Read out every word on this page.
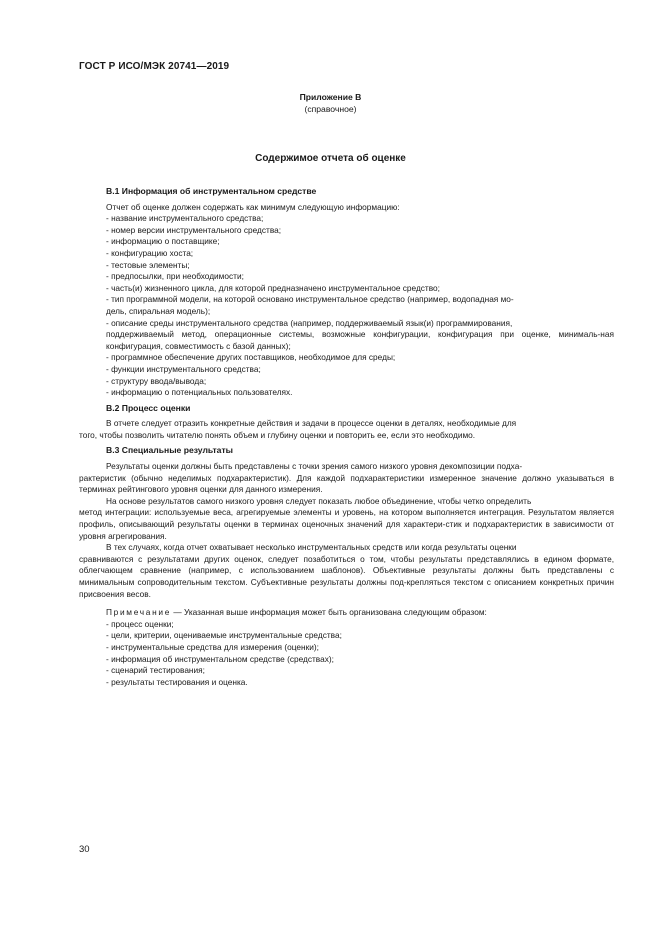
ГОСТ Р ИСО/МЭК 20741—2019
Приложение В
(справочное)
Содержимое отчета об оценке
В.1 Информация об инструментальном средстве

Отчет об оценке должен содержать как минимум следующую информацию:

- название инструментального средства;

- номер версии инструментального средства;

- информацию о поставщике;

- конфигурацию хоста;

- тестовые элементы;

- предпосылки, при необходимости;

- часть(и) жизненного цикла, для которой предназначено инструментальное средство;

- тип программной модели, на которой основано инструментальное средство (например, водопадная мо-

дель, спиральная модель);

- описание среды инструментального средства (например, поддерживаемый язык(и) программирования,

поддерживаемый метод, операционные системы, возможные конфигурации, конфигурация при оценке, минималь-ная конфигурация, совместимость с базой данных);

- программное обеспечение других поставщиков, необходимое для среды;

- функции инструментального средства;

- структуру ввода/вывода;

- информацию о потенциальных пользователях.

В.2 Процесс оценки

В отчете следует отразить конкретные действия и задачи в процессе оценки в деталях, необходимые для

того, чтобы позволить читателю понять объем и глубину оценки и повторить ее, если это необходимо.

В.3 Специальные результаты

Результаты оценки должны быть представлены с точки зрения самого низкого уровня декомпозиции подха-

рактеристик (обычно неделимых подхарактеристик). Для каждой подхарактеристики измеренное значение должно указываться в терминах рейтингового уровня оценки для данного измерения.

На основе результатов самого низкого уровня следует показать любое объединение, чтобы четко определить

метод интеграции: используемые веса, агрегируемые элементы и уровень, на котором выполняется интеграция. Результатом является профиль, описывающий результаты оценки в терминах оценочных значений для характери-стик и подхарактеристик в зависимости от уровня агрегирования.

В тех случаях, когда отчет охватывает несколько инструментальных средств или когда результаты оценки

сравниваются с результатами других оценок, следует позаботиться о том, чтобы результаты представлялись в едином формате, облегчающем сравнение (например, с использованием шаблонов). Объективные результаты должны быть представлены с минимальным сопроводительным текстом. Субъективные результаты должны под-крепляться текстом с описанием конкретных причин присвоения весов.

Примечание — Указанная выше информация может быть организована следующим образом:

- процесс оценки;

- цели, критерии, оцениваемые инструментальные средства;

- инструментальные средства для измерения (оценки);

- информация об инструментальном средстве (средствах);

- сценарий тестирования;

- результаты тестирования и оценка.

30
